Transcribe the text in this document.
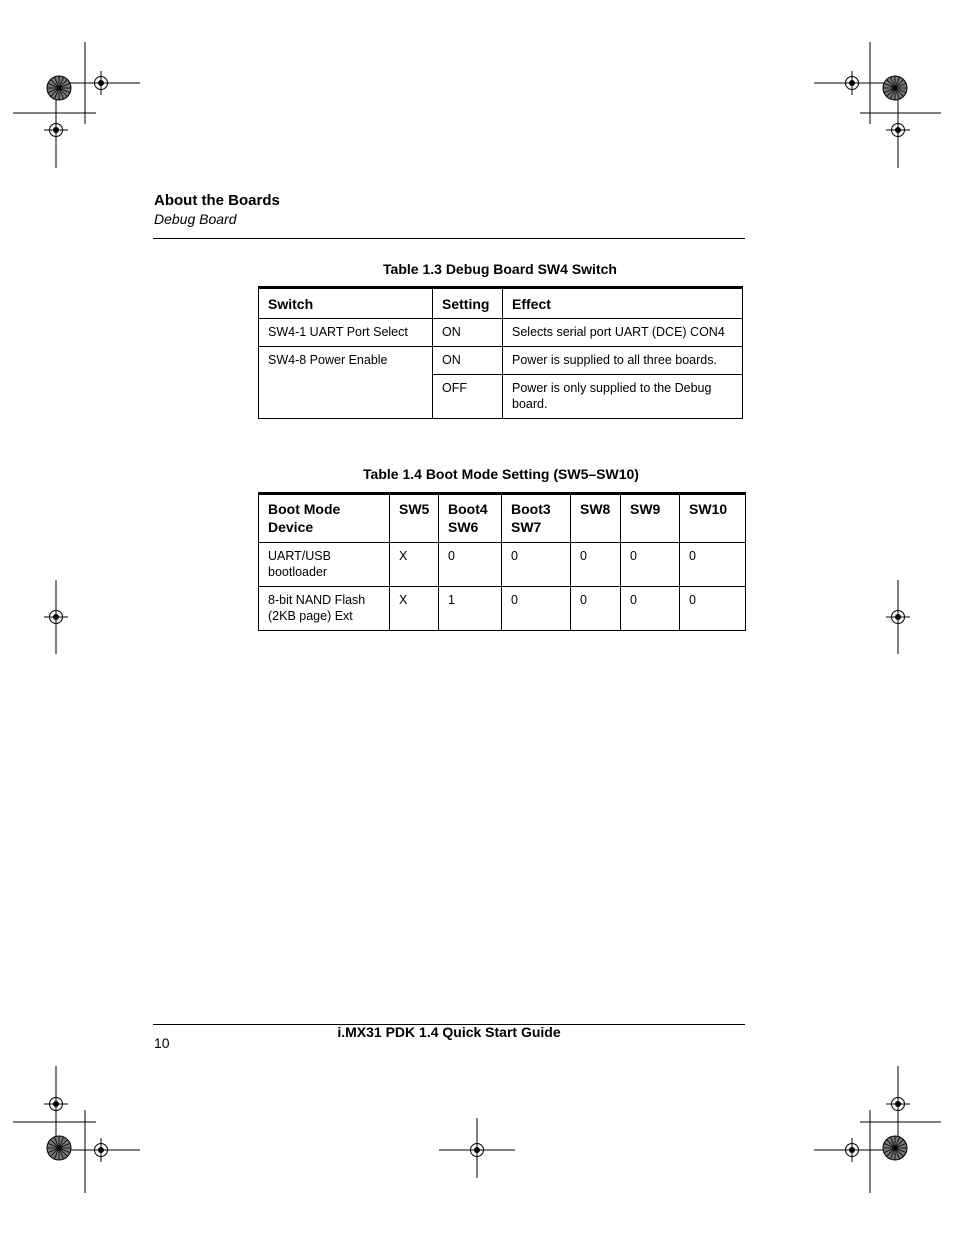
About the Boards
Debug Board
Table 1.3 Debug Board SW4 Switch
Switch	Setting	Effect
SW4-1 UART Port Select	ON	Selects serial port UART (DCE) CON4
SW4-8 Power Enable	ON	Power is supplied to all three boards.
	OFF	Power is only supplied to the Debug board.
Table 1.4 Boot Mode Setting (SW5–SW10)
Boot Mode Device	SW5	Boot4 SW6	Boot3 SW7	SW8	SW9	SW10
UART/USB bootloader	X	0	0	0	0	0
8-bit NAND Flash (2KB page) Ext	X	1	0	0	0	0
i.MX31 PDK 1.4 Quick Start Guide
10
